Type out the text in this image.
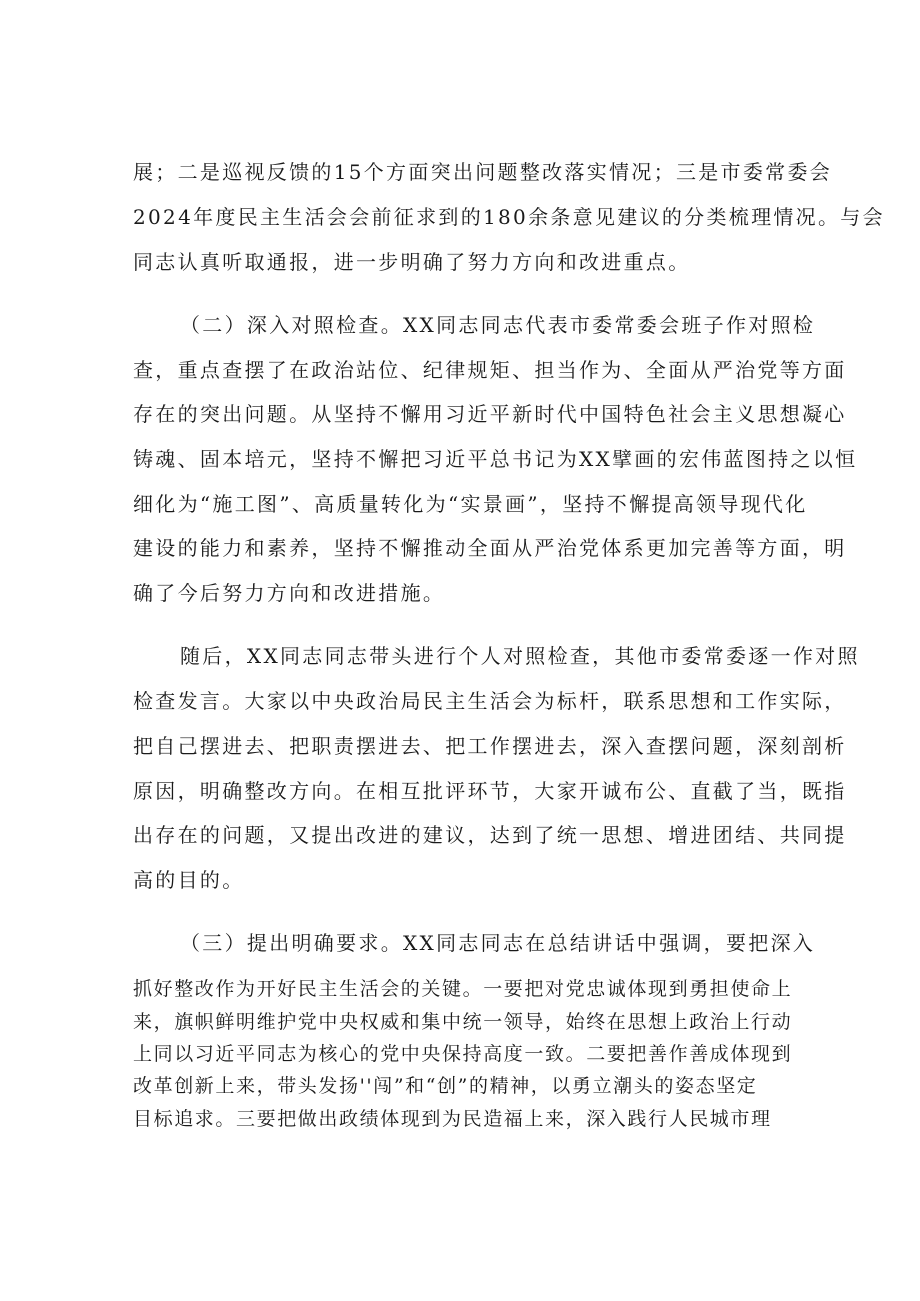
展；二是巡视反馈的15个方面突出问题整改落实情况；三是市委常委会
2024年度民主生活会会前征求到的180余条意见建议的分类梳理情况。与会
同志认真听取通报，进一步明确了努力方向和改进重点。
（二）深入对照检查。XX同志同志代表市委常委会班子作对照检
查，重点查摆了在政治站位、纪律规矩、担当作为、全面从严治党等方面
存在的突出问题。从坚持不懈用习近平新时代中国特色社会主义思想凝心
铸魂、固本培元，坚持不懈把习近平总书记为XX擘画的宏伟蓝图持之以恒
细化为“施工图”、高质量转化为“实景画”，坚持不懈提高领导现代化
建设的能力和素养，坚持不懈推动全面从严治党体系更加完善等方面，明
确了今后努力方向和改进措施。
随后，XX同志同志带头进行个人对照检查，其他市委常委逐一作对照
检查发言。大家以中央政治局民主生活会为标杆，联系思想和工作实际，
把自己摆进去、把职责摆进去、把工作摆进去，深入查摆问题，深刻剖析
原因，明确整改方向。在相互批评环节，大家开诚布公、直截了当，既指
出存在的问题，又提出改进的建议，达到了统一思想、增进团结、共同提
高的目的。
（三）提出明确要求。XX同志同志在总结讲话中强调，要把深入
抓好整改作为开好民主生活会的关键。一要把对党忠诚体现到勇担使命上
来，旗帜鲜明维护党中央权威和集中统一领导，始终在思想上政治上行动
上同以习近平同志为核心的党中央保持高度一致。二要把善作善成体现到
改革创新上来，带头发扬''闯”和“创”的精神，以勇立潮头的姿态坚定
目标追求。三要把做出政绩体现到为民造福上来，深入践行人民城市理
